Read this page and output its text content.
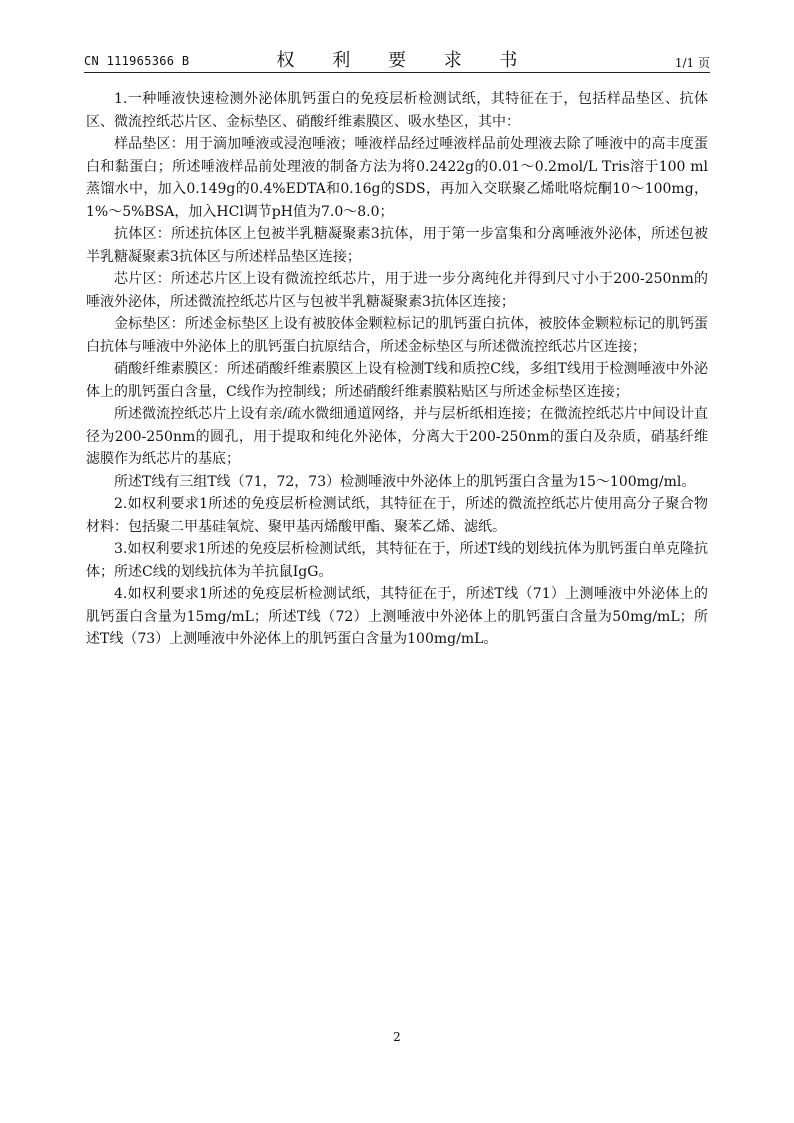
CN 111965366 B	权 利 要 求 书	1/1 页

1.一种唾液快速检测外泌体肌钙蛋白的免疫层析检测试纸，其特征在于，包括样品垫区、抗体区、微流控纸芯片区、金标垫区、硝酸纤维素膜区、吸水垫区，其中：

样品垫区：用于滴加唾液或浸泡唾液；唾液样品经过唾液样品前处理液去除了唾液中的高丰度蛋白和黏蛋白；所述唾液样品前处理液的制备方法为将0.2422g的0.01～0.2mol/L Tris溶于100 ml蒸馏水中，加入0.149g的0.4%EDTA和0.16g的SDS，再加入交联聚乙烯吡咯烷酮10～100mg，1%～5%BSA，加入HCl调节pH值为7.0～8.0；

抗体区：所述抗体区上包被半乳糖凝聚素3抗体，用于第一步富集和分离唾液外泌体，所述包被半乳糖凝聚素3抗体区与所述样品垫区连接；

芯片区：所述芯片区上设有微流控纸芯片，用于进一步分离纯化并得到尺寸小于200-250nm的唾液外泌体，所述微流控纸芯片区与包被半乳糖凝聚素3抗体区连接；

金标垫区：所述金标垫区上设有被胶体金颗粒标记的肌钙蛋白抗体，被胶体金颗粒标记的肌钙蛋白抗体与唾液中外泌体上的肌钙蛋白抗原结合，所述金标垫区与所述微流控纸芯片区连接；

硝酸纤维素膜区：所述硝酸纤维素膜区上设有检测T线和质控C线，多组T线用于检测唾液中外泌体上的肌钙蛋白含量，C线作为控制线；所述硝酸纤维素膜粘贴区与所述金标垫区连接；

所述微流控纸芯片上设有亲/疏水微细通道网络，并与层析纸相连接；在微流控纸芯片中间设计直径为200-250nm的圆孔，用于提取和纯化外泌体，分离大于200-250nm的蛋白及杂质，硝基纤维滤膜作为纸芯片的基底；

所述T线有三组T线（71，72，73）检测唾液中外泌体上的肌钙蛋白含量为15～100mg/ml。

2.如权利要求1所述的免疫层析检测试纸，其特征在于，所述的微流控纸芯片使用高分子聚合物材料：包括聚二甲基硅氧烷、聚甲基丙烯酸甲酯、聚苯乙烯、滤纸。

3.如权利要求1所述的免疫层析检测试纸，其特征在于，所述T线的划线抗体为肌钙蛋白单克隆抗体；所述C线的划线抗体为羊抗鼠IgG。

4.如权利要求1所述的免疫层析检测试纸，其特征在于，所述T线（71）上测唾液中外泌体上的肌钙蛋白含量为15mg/mL；所述T线（72）上测唾液中外泌体上的肌钙蛋白含量为50mg/mL；所述T线（73）上测唾液中外泌体上的肌钙蛋白含量为100mg/mL。

2
